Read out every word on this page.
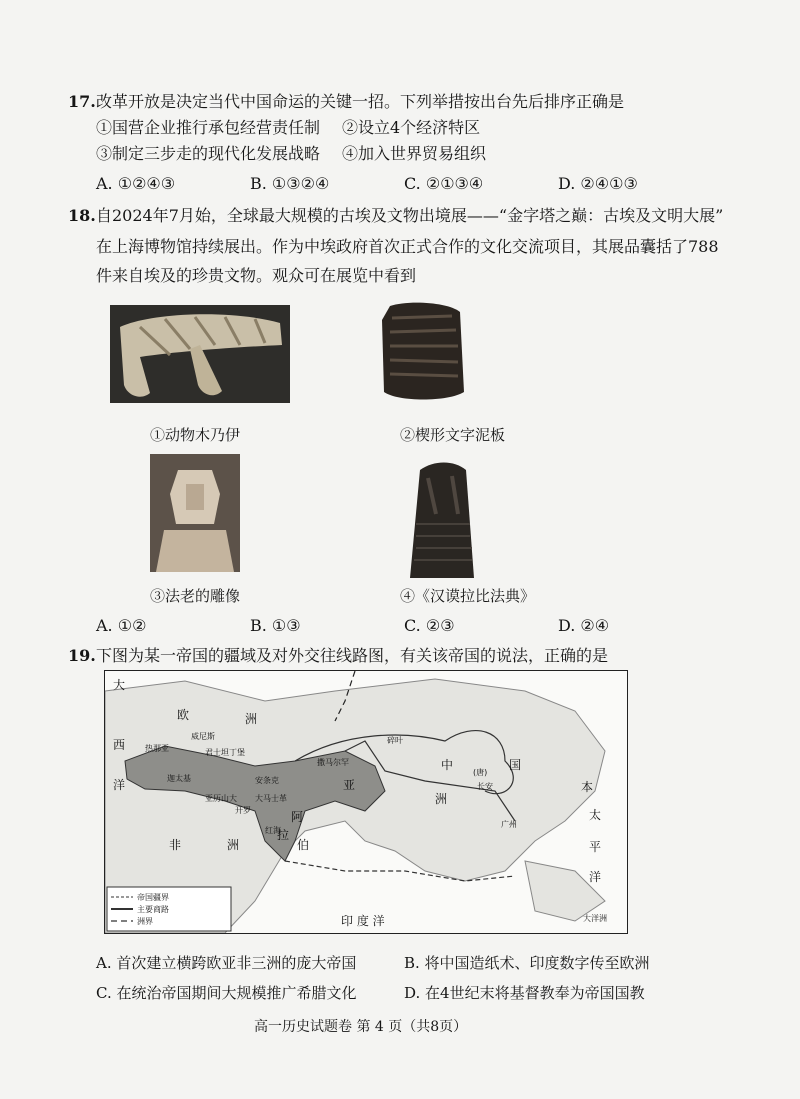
17. 改革开放是决定当代中国命运的关键一招。下列举措按出台先后排序正确是
①国营企业推行承包经营责任制 ②设立4个经济特区
③制定三步走的现代化发展战略 ④加入世界贸易组织
A. ①②④③	B. ①③②④	C. ②①③④	D. ②④①③
18. 自2024年7月始，全球最大规模的古埃及文物出境展——“金字塔之巅：古埃及文明大展”
在上海博物馆持续展出。作为中埃政府首次正式合作的文化交流项目，其展品囊括了788
件来自埃及的珍贵文物。观众可在展览中看到
①动物木乃伊	②楔形文字泥板
③法老的雕像	④《汉谟拉比法典》
A. ①②	B. ①③	C. ②③	D. ②④
19. 下图为某一帝国的疆域及对外交往线路图，有关该帝国的说法，正确的是
欧	洲
亚
非	洲
中	国
洲
阿
拉
伯
印 度 洋
太
平
洋
本
大
西
洋
大洋洲
威尼斯
热那亚	君士坦丁堡
迦太基
亚历山大
开罗
安条克
大马士革
撒马尔罕
碎叶
长安
广州
(唐)
红海
帝国疆界
主要商路
洲界
A. 首次建立横跨欧亚非三洲的庞大帝国	B. 将中国造纸术、印度数字传至欧洲
C. 在统治帝国期间大规模推广希腊文化	D. 在4世纪末将基督教奉为帝国国教
高一历史试题卷 第 4 页（共8页）
